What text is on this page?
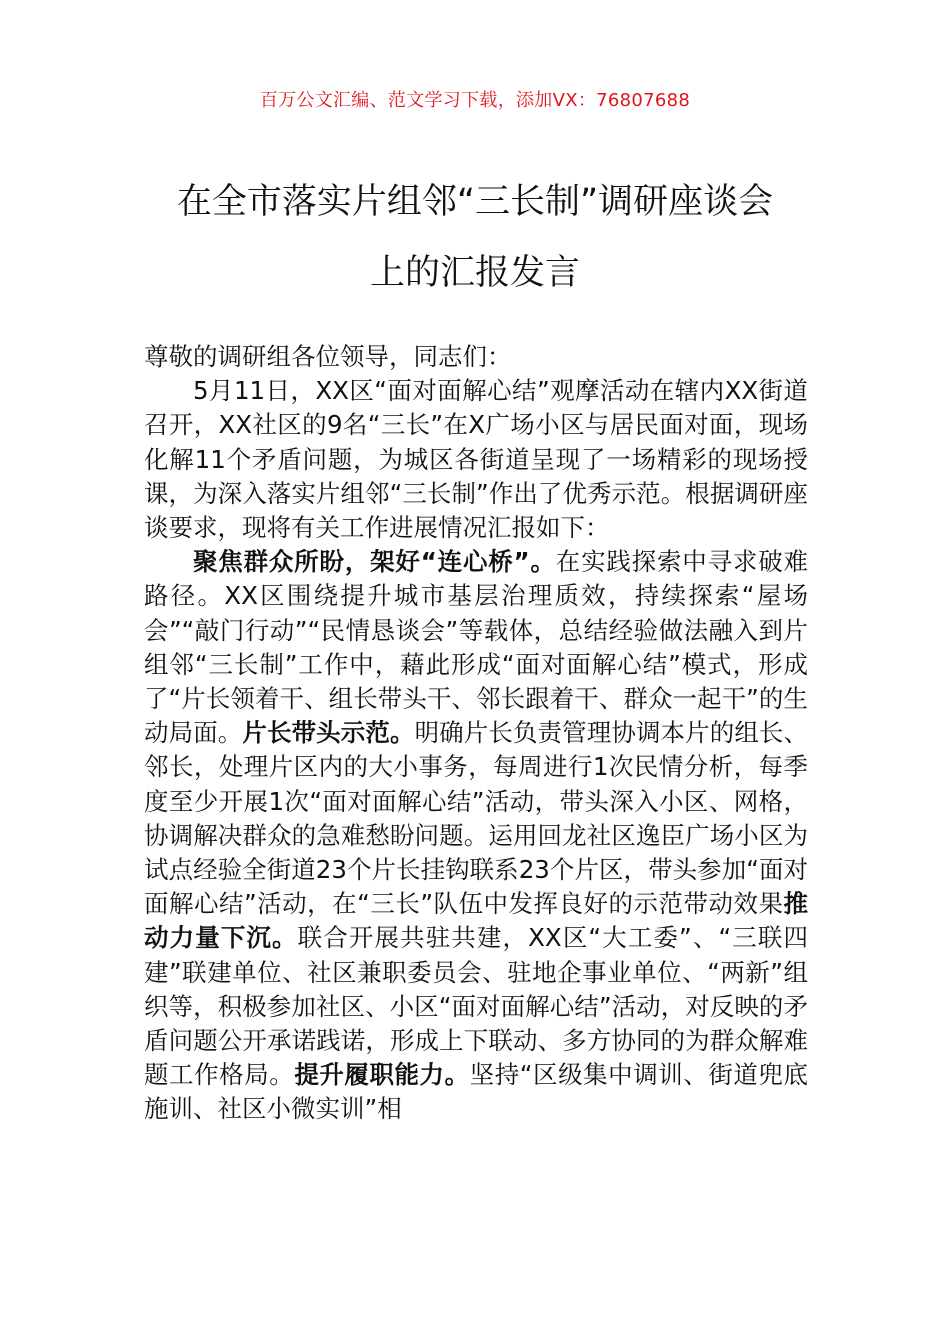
百万公文汇编、范文学习下载，添加VX：76807688
在全市落实片组邻“三长制”调研座谈会
上的汇报发言

尊敬的调研组各位领导，同志们：

5月11日，XX区“面对面解心结”观摩活动在辖内XX街道召开，XX社区的9名“三长”在X广场小区与居民面对面，现场化解11个矛盾问题，为城区各街道呈现了一场精彩的现场授课，为深入落实片组邻“三长制”作出了优秀示范。根据调研座谈要求，现将有关工作进展情况汇报如下：

聚焦群众所盼，架好“连心桥”。在实践探索中寻求破难路径。XX区围绕提升城市基层治理质效，持续探索“屋场会”“敲门行动”“民情恳谈会”等载体，总结经验做法融入到片组邻“三长制”工作中，藉此形成“面对面解心结”模式，形成了“片长领着干、组长带头干、邻长跟着干、群众一起干”的生动局面。片长带头示范。明确片长负责管理协调本片的组长、邻长，处理片区内的大小事务，每周进行1次民情分析，每季度至少开展1次“面对面解心结”活动，带头深入小区、网格，协调解决群众的急难愁盼问题。运用回龙社区逸臣广场小区为试点经验全街道23个片长挂钩联系23个片区，带头参加“面对面解心结”活动，在“三长”队伍中发挥良好的示范带动效果推动力量下沉。联合开展共驻共建，XX区“大工委”、“三联四建”联建单位、社区兼职委员会、驻地企事业单位、“两新”组织等，积极参加社区、小区“面对面解心结”活动，对反映的矛盾问题公开承诺践诺，形成上下联动、多方协同的为群众解难题工作格局。提升履职能力。坚持“区级集中调训、街道兜底施训、社区小微实训”相
